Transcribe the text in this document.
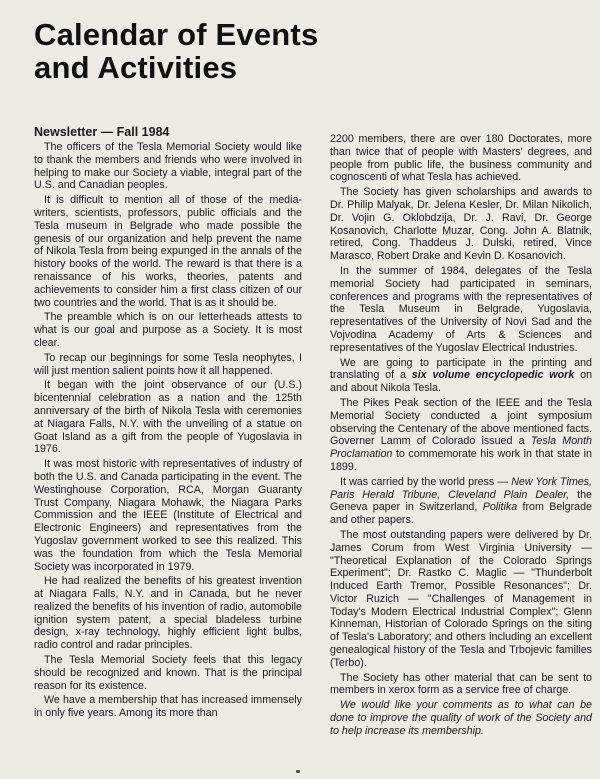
Calendar of Events
and Activities
Newsletter — Fall 1984

The officers of the Tesla Memorial Society would like to thank the members and friends who were involved in helping to make our Society a viable, integral part of the U.S. and Canadian peoples.

It is difficult to mention all of those of the media-writers, scientists, professors, public officials and the Tesla museum in Belgrade who made possible the genesis of our organization and help prevent the name of Nikola Tesla from being expunged in the annals of the history books of the world. The reward is that there is a renaissance of his works, theories, patents and achievements to consider him a first class citizen of our two countries and the world. That is as it should be.

The preamble which is on our letterheads attests to what is our goal and purpose as a Society. It is most clear.

To recap our beginnings for some Tesla neophytes, I will just mention salient points how it all happened.

It began with the joint observance of our (U.S.) bicentennial celebration as a nation and the 125th anniversary of the birth of Nikola Tesla with ceremonies at Niagara Falls, N.Y. with the unveiling of a statue on Goat Island as a gift from the people of Yugoslavia in 1976.

It was most historic with representatives of industry of both the U.S. and Canada participating in the event. The Westinghouse Corporation, RCA, Morgan Guaranty Trust Company, Niagara Mohawk, the Niagara Parks Commission and the IEEE (Institute of Electrical and Electronic Engineers) and representatives from the Yugoslav government worked to see this realized. This was the foundation from which the Tesla Memorial Society was incorporated in 1979.

He had realized the benefits of his greatest invention at Niagara Falls, N.Y. and in Canada, but he never realized the benefits of his invention of radio, automobile ignition system patent, a special bladeless turbine design, x-ray technology, highly efficient light bulbs, radio control and radar principles.

The Tesla Memorial Society feels that this legacy should be recognized and known. That is the principal reason for its existence.

We have a membership that has increased immensely in only five years. Among its more than

2200 members, there are over 180 Doctorates, more than twice that of people with Masters' degrees, and people from public life, the business community and cognoscenti of what Tesla has achieved.

The Society has given scholarships and awards to Dr. Philip Malyak, Dr. Jelena Kesler, Dr. Milan Nikolich, Dr. Vojin G. Oklobdzija, Dr. J. Ravi, Dr. George Kosanovich, Charlotte Muzar, Cong. John A. Blatnik, retired, Cong. Thaddeus J. Dulski, retired, Vince Marasco, Robert Drake and Kevin D. Kosanovich.

In the summer of 1984, delegates of the Tesla memorial Society had participated in seminars, conferences and programs with the representatives of the Tesla Museum in Belgrade, Yugoslavia, representatives of the University of Novi Sad and the Vojvodina Academy of Arts & Sciences and representatives of the Yugoslav Electrical Industries.

We are going to participate in the printing and translating of a six volume encyclopedic work on and about Nikola Tesla.

The Pikes Peak section of the IEEE and the Tesla Memorial Society conducted a joint symposium observing the Centenary of the above mentioned facts. Governer Lamm of Colorado issued a Tesla Month Proclamation to commemorate his work in that state in 1899.

It was carried by the world press — New York Times, Paris Herald Tribune, Cleveland Plain Dealer, the Geneva paper in Switzerland, Politika from Belgrade and other papers.

The most outstanding papers were delivered by Dr. James Corum from West Virginia University — "Theoretical Explanation of the Colorado Springs Experiment"; Dr. Rastko C. Maglic — "Thunderbolt Induced Earth Tremor, Possible Resonances"; Dr. Victor Ruzich — "Challenges of Management in Today's Modern Electrical Industrial Complex"; Glenn Kinneman, Historian of Colorado Springs on the siting of Tesla's Laboratory; and others including an excellent genealogical history of the Tesla and Trbojevic families (Terbo).

The Society has other material that can be sent to members in xerox form as a service free of charge.

We would like your comments as to what can be done to improve the quality of work of the Society and to help increase its membership.
